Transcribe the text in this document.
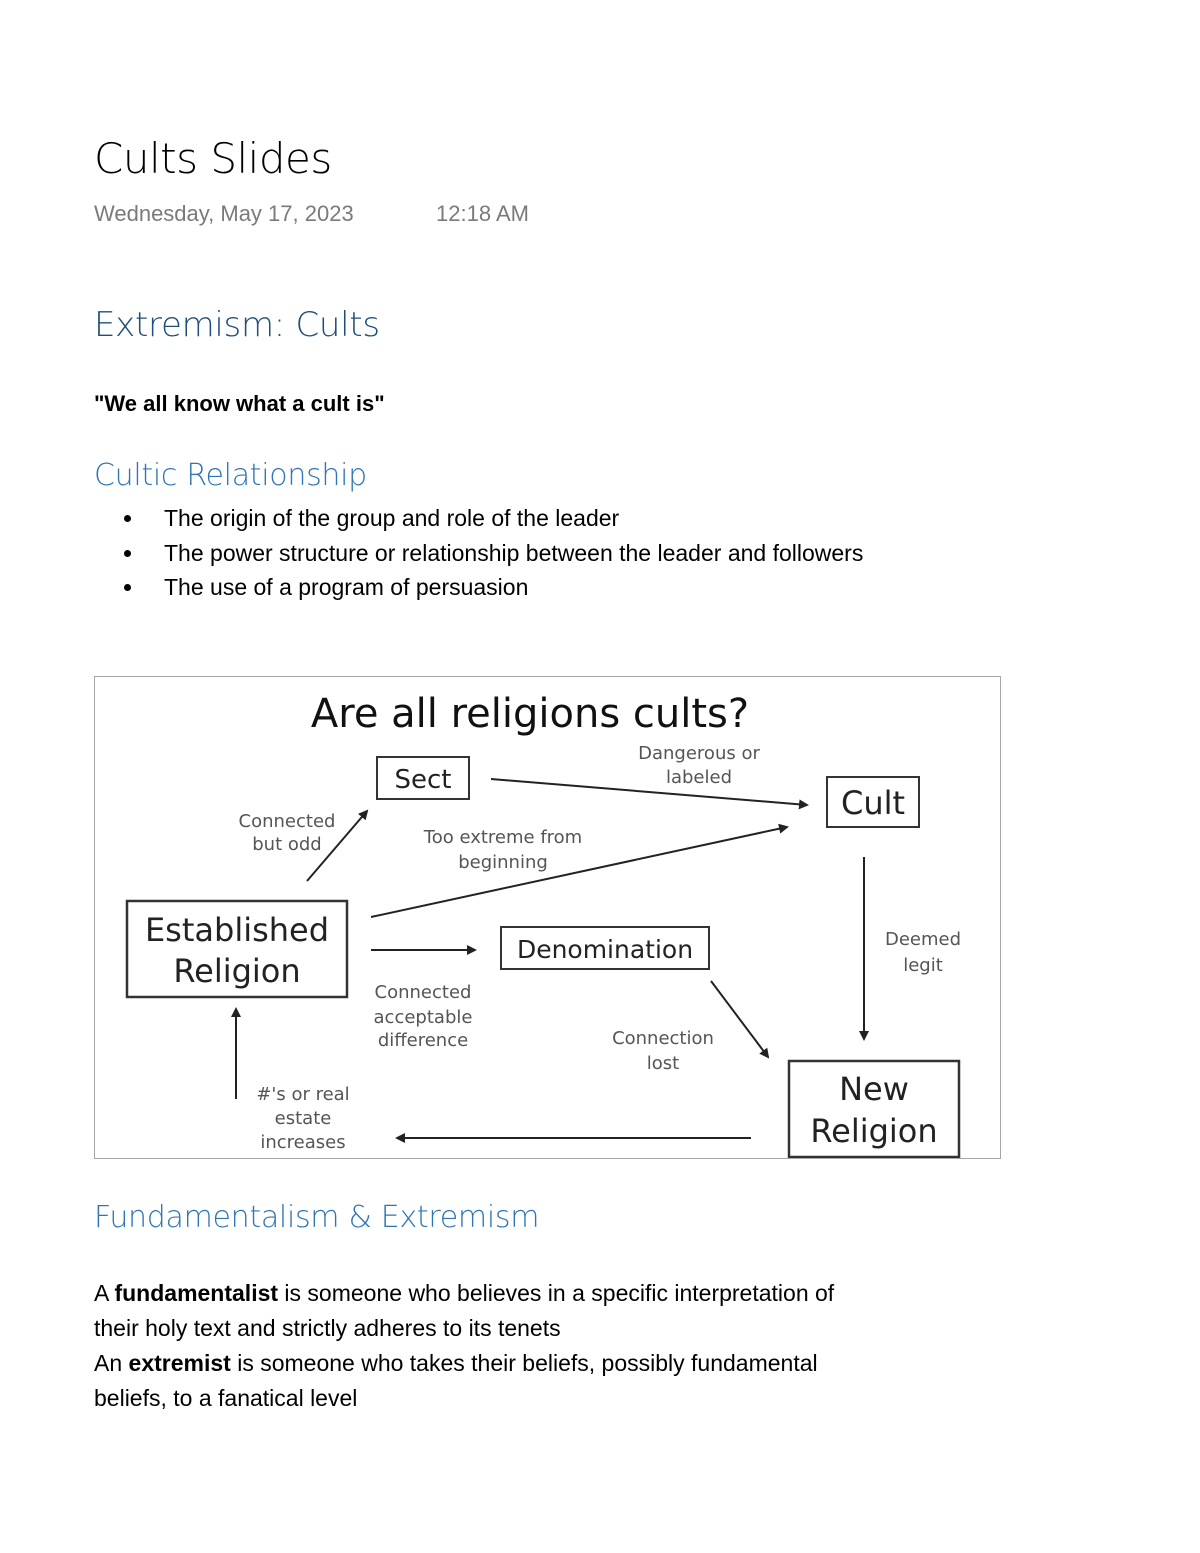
Cults Slides
Wednesday, May 17, 2023	12:18 AM
Extremism: Cults
"We all know what a cult is"
Cultic Relationship
The origin of the group and role of the leader
The power structure or relationship between the leader and followers
The use of a program of persuasion
Are all religions cults?
Sect
Cult
Established
Religion
Denomination
New
Religion
Dangerous or
labeled
Connected
but odd	Too extreme from
beginning
Deemed
legit
Connected
acceptable
difference	Connection
lost
#'s or real
estate
increases
Fundamentalism & Extremism
A fundamentalist is someone who believes in a specific interpretation of
their holy text and strictly adheres to its tenets
An extremist is someone who takes their beliefs, possibly fundamental
beliefs, to a fanatical level
